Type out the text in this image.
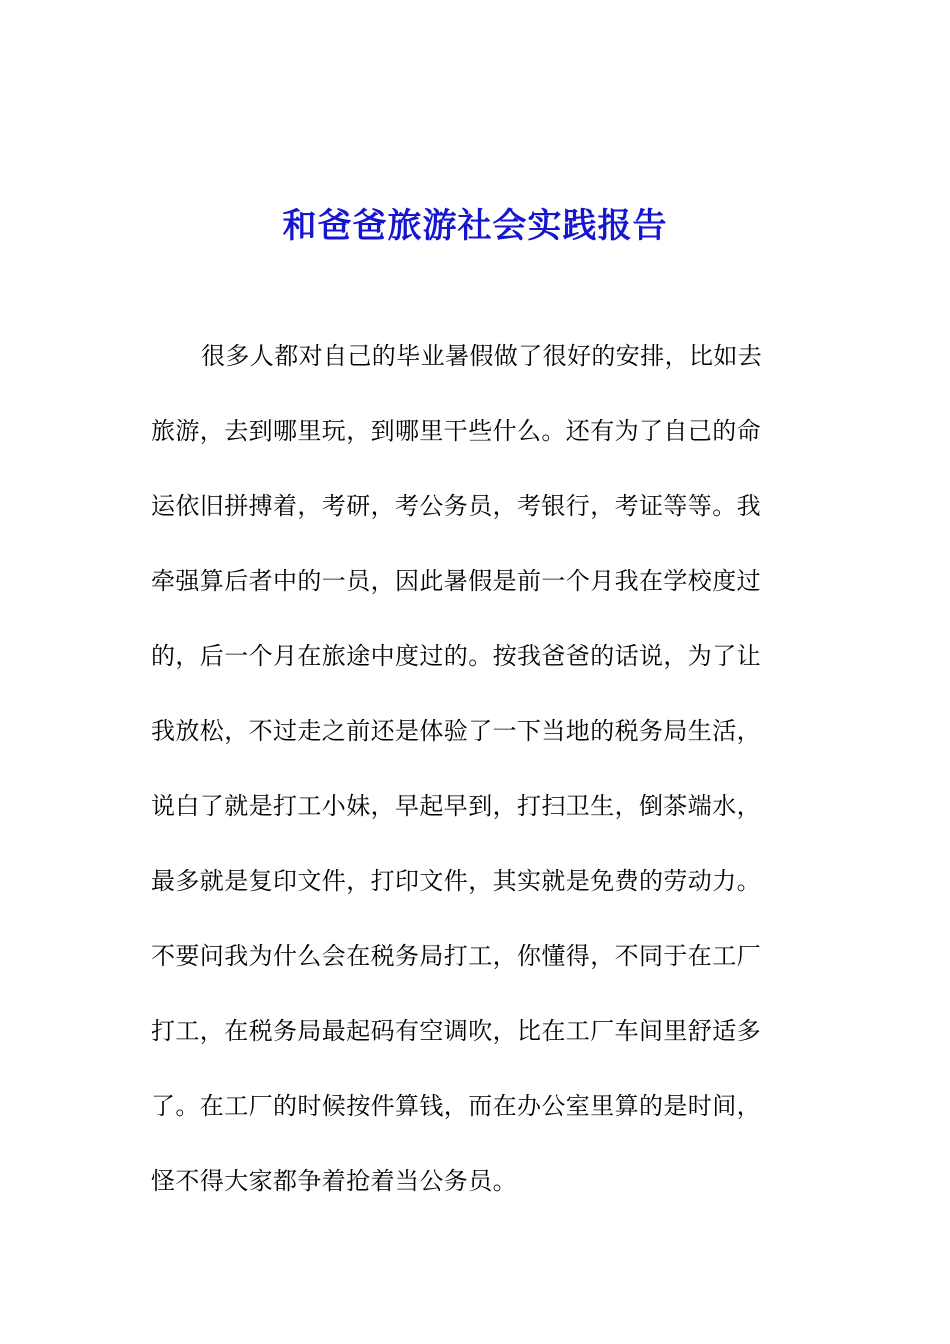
和爸爸旅游社会实践报告
很多人都对自己的毕业暑假做了很好的安排，比如去
旅游，去到哪里玩，到哪里干些什么。还有为了自己的命
运依旧拼搏着，考研，考公务员，考银行，考证等等。我
牵强算后者中的一员，因此暑假是前一个月我在学校度过
的，后一个月在旅途中度过的。按我爸爸的话说，为了让
我放松，不过走之前还是体验了一下当地的税务局生活，
说白了就是打工小妹，早起早到，打扫卫生，倒茶端水，
最多就是复印文件，打印文件，其实就是免费的劳动力。
不要问我为什么会在税务局打工，你懂得，不同于在工厂
打工，在税务局最起码有空调吹，比在工厂车间里舒适多
了。在工厂的时候按件算钱，而在办公室里算的是时间，
怪不得大家都争着抢着当公务员。
